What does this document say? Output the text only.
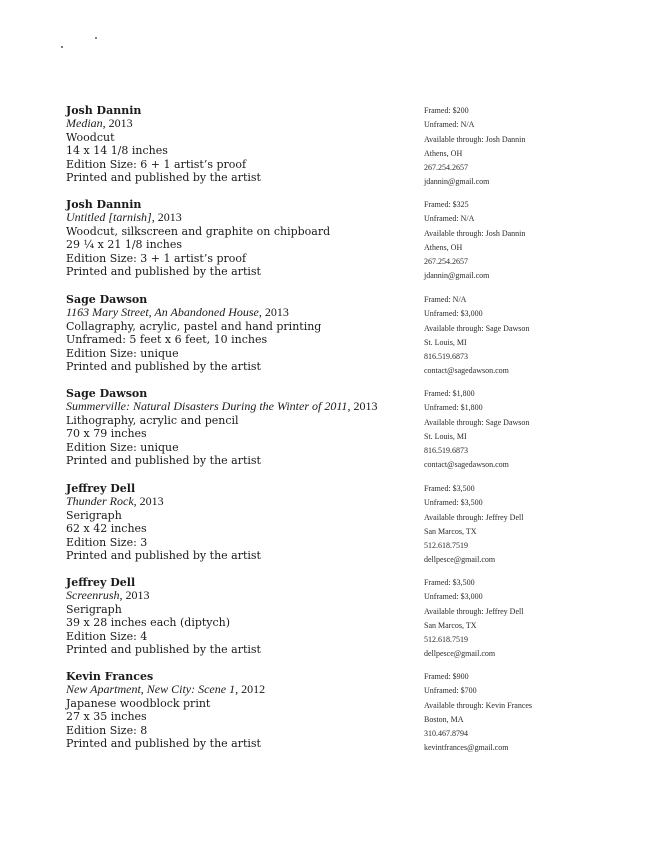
Josh Dannin
Median, 2013
Woodcut
14 x 14 1/8 inches
Edition Size: 6 + 1 artist’s proof
Printed and published by the artist
Framed: $200
Unframed: N/A
Available through: Josh Dannin
Athens, OH
267.254.2657
jdannin@gmail.com
Josh Dannin
Untitled [tarnish], 2013
Woodcut, silkscreen and graphite on chipboard
29 ¼ x 21 1/8 inches
Edition Size: 3 + 1 artist’s proof
Printed and published by the artist
Framed: $325
Unframed: N/A
Available through: Josh Dannin
Athens, OH
267.254.2657
jdannin@gmail.com
Sage Dawson
1163 Mary Street, An Abandoned House, 2013
Collagraphy, acrylic, pastel and hand printing
Unframed: 5 feet x 6 feet, 10 inches
Edition Size: unique
Printed and published by the artist
Framed: N/A
Unframed: $3,000
Available through: Sage Dawson
St. Louis, MI
816.519.6873
contact@sagedawson.com
Sage Dawson
Summerville: Natural Disasters During the Winter of 2011, 2013
Lithography, acrylic and pencil
70 x 79 inches
Edition Size: unique
Printed and published by the artist
Framed: $1,800
Unframed: $1,800
Available through: Sage Dawson
St. Louis, MI
816.519.6873
contact@sagedawson.com
Jeffrey Dell
Thunder Rock, 2013
Serigraph
62 x 42 inches
Edition Size: 3
Printed and published by the artist
Framed: $3,500
Unframed: $3,500
Available through: Jeffrey Dell
San Marcos, TX
512.618.7519
dellpesce@gmail.com
Jeffrey Dell
Screenrush, 2013
Serigraph
39 x 28 inches each (diptych)
Edition Size: 4
Printed and published by the artist
Framed: $3,500
Unframed: $3,000
Available through: Jeffrey Dell
San Marcos, TX
512.618.7519
dellpesce@gmail.com
Kevin Frances
New Apartment, New City: Scene 1, 2012
Japanese woodblock print
27 x 35 inches
Edition Size: 8
Printed and published by the artist
Framed: $900
Unframed: $700
Available through: Kevin Frances
Boston, MA
310.467.8794
kevintfrances@gmail.com
